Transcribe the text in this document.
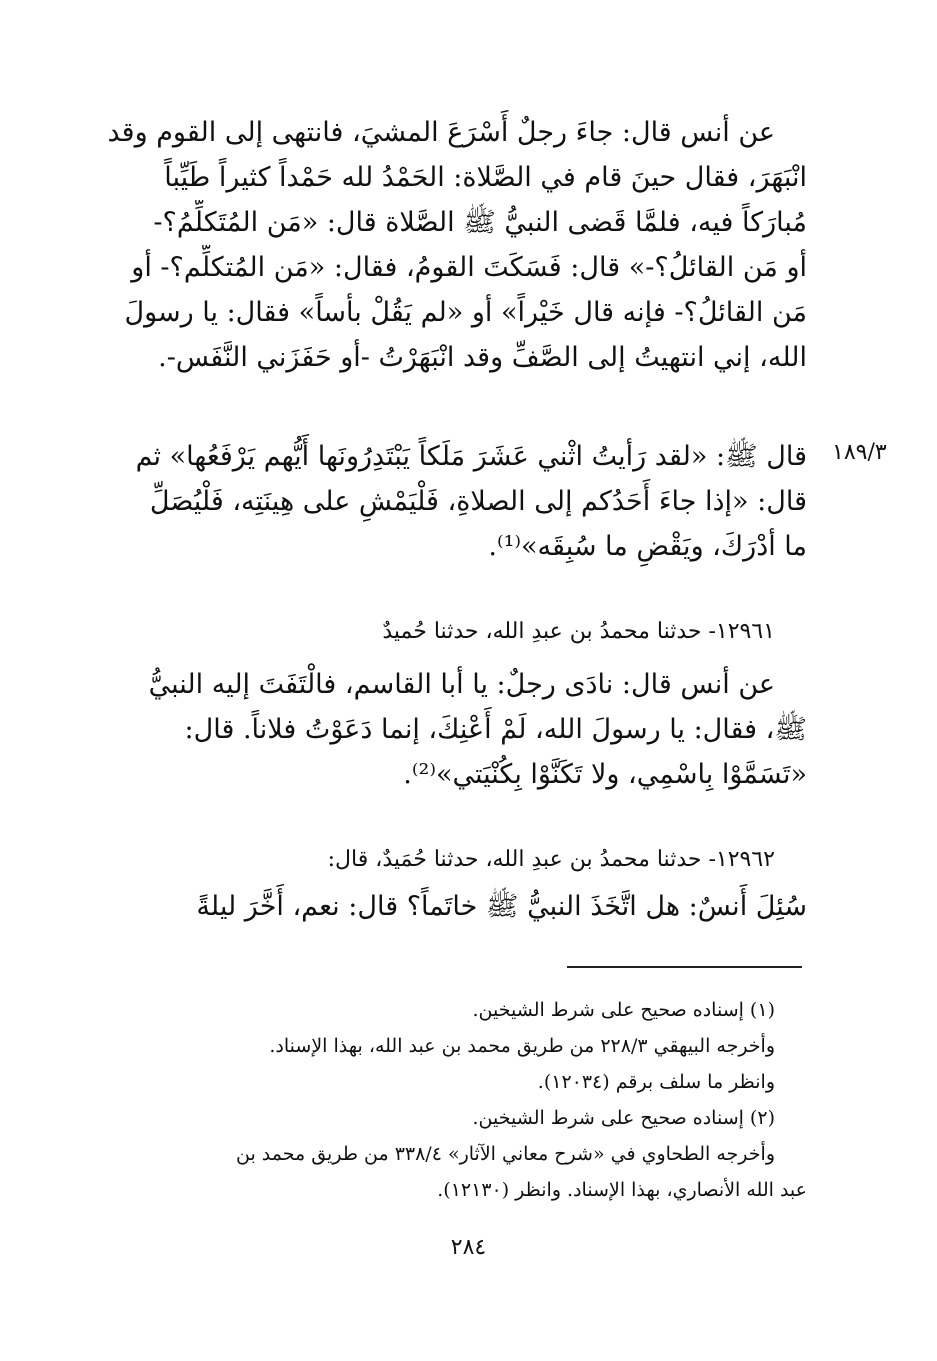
عن أنس قال: جاءَ رجلٌ أَسْرَعَ المشيَ، فانتهى إلى القوم وقد
انْبَهَرَ، فقال حينَ قام في الصَّلاة: الحَمْدُ لله حَمْداً كثيراً طَيِّباً
مُبارَكاً فيه، فلمَّا قَضى النبيُّ ﷺ الصَّلاة قال: «مَن المُتَكلِّمُ؟-
أو مَن القائلُ؟-» قال: فَسَكَتَ القومُ، فقال: «مَن المُتكلِّم؟- أو
مَن القائلُ؟- فإنه قال خَيْراً» أو «لم يَقُلْ بأساً» فقال: يا رسولَ
الله، إني انتهيتُ إلى الصَّفِّ وقد انْبَهَرْتُ -أو حَفَزَني النَّفَس-.
١٨٩/٣
قال ﷺ: «لقد رَأيتُ اثْني عَشَرَ مَلَكاً يَبْتَدِرُونَها أَيُّهم يَرْفَعُها» ثم
قال: «إذا جاءَ أَحَدُكم إلى الصلاةِ، فَلْيَمْشِ على هِينَتِه، فَلْيُصَلِّ
ما أدْرَكَ، ويَقْضِ ما سُبِقَه»⁽¹⁾.
١٢٩٦١- حدثنا محمدُ بن عبدِ الله، حدثنا حُميدٌ
عن أنس قال: نادَى رجلٌ: يا أبا القاسم، فالْتَفَتَ إليه النبيُّ
ﷺ، فقال: يا رسولَ الله، لَمْ أَعْنِكَ، إنما دَعَوْتُ فلاناً. قال:
«تَسَمَّوْا بِاسْمِي، ولا تَكَنَّوْا بِكُنْيَتي»⁽²⁾.
١٢٩٦٢- حدثنا محمدُ بن عبدِ الله، حدثنا حُمَيدٌ، قال:
سُئِلَ أَنسٌ: هل اتَّخَذَ النبيُّ ﷺ خاتَماً؟ قال: نعم، أَخَّرَ ليلةً
(١) إسناده صحيح على شرط الشيخين.
وأخرجه البيهقي ٢٢٨/٣ من طريق محمد بن عبد الله، بهذا الإسناد.
وانظر ما سلف برقم (١٢٠٣٤).
(٢) إسناده صحيح على شرط الشيخين.
وأخرجه الطحاوي في «شرح معاني الآثار» ٣٣٨/٤ من طريق محمد بن
عبد الله الأنصاري، بهذا الإسناد. وانظر (١٢١٣٠).
٢٨٤
